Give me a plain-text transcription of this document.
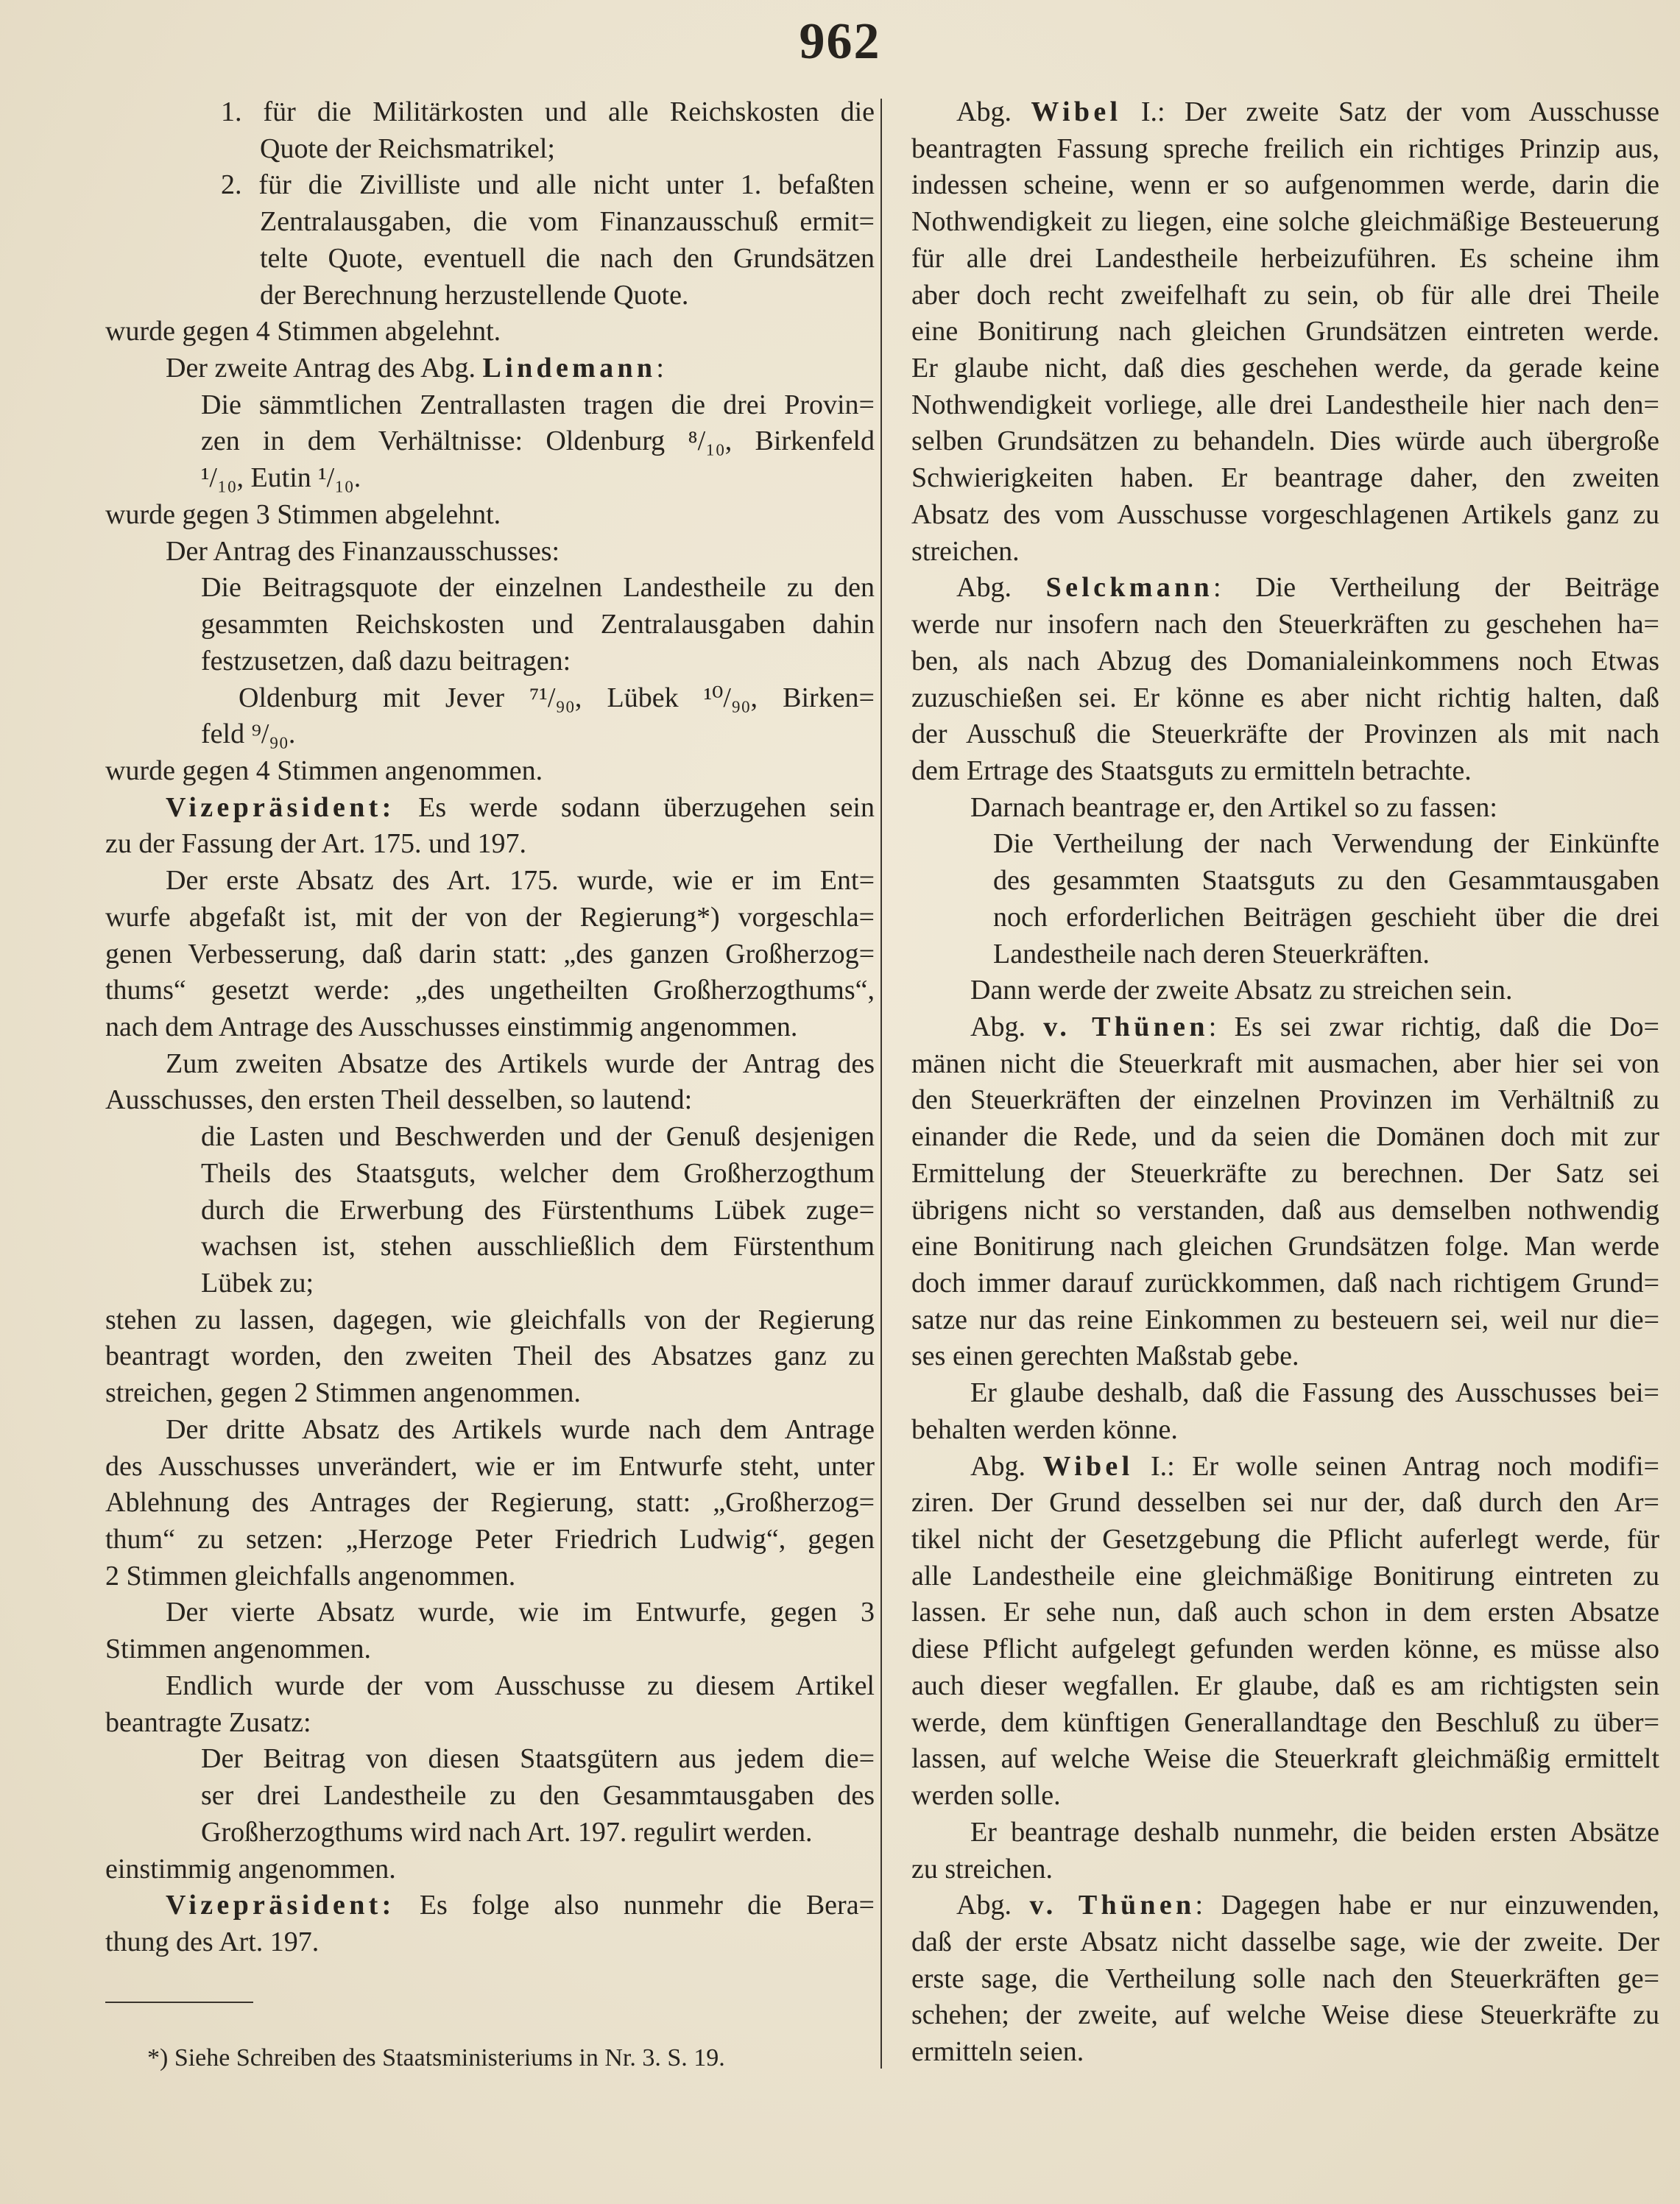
962
1. für die Militärkosten und alle Reichskosten die
Quote der Reichsmatrikel;
2. für die Zivilliste und alle nicht unter 1. befaßten
Zentralausgaben, die vom Finanzausschuß ermit=
telte Quote, eventuell die nach den Grundsätzen
der Berechnung herzustellende Quote.
wurde gegen 4 Stimmen abgelehnt.
Der zweite Antrag des Abg. Lindemann:
Die sämmtlichen Zentrallasten tragen die drei Provin=
zen in dem Verhältnisse: Oldenburg ⁸/₁₀, Birkenfeld
¹/₁₀, Eutin ¹/₁₀.
wurde gegen 3 Stimmen abgelehnt.
Der Antrag des Finanzausschusses:
Die Beitragsquote der einzelnen Landestheile zu den
gesammten Reichskosten und Zentralausgaben dahin
festzusetzen, daß dazu beitragen:
Oldenburg mit Jever ⁷¹/₉₀, Lübek ¹⁰/₉₀, Birken=
feld ⁹/₉₀.
wurde gegen 4 Stimmen angenommen.
Vizepräsident: Es werde sodann überzugehen sein
zu der Fassung der Art. 175. und 197.
Der erste Absatz des Art. 175. wurde, wie er im Ent=
wurfe abgefaßt ist, mit der von der Regierung*) vorgeschla=
genen Verbesserung, daß darin statt: „des ganzen Großherzog=
thums“ gesetzt werde: „des ungetheilten Großherzogthums“,
nach dem Antrage des Ausschusses einstimmig angenommen.
Zum zweiten Absatze des Artikels wurde der Antrag des
Ausschusses, den ersten Theil desselben, so lautend:
die Lasten und Beschwerden und der Genuß desjenigen
Theils des Staatsguts, welcher dem Großherzogthum
durch die Erwerbung des Fürstenthums Lübek zuge=
wachsen ist, stehen ausschließlich dem Fürstenthum
Lübek zu;
stehen zu lassen, dagegen, wie gleichfalls von der Regierung
beantragt worden, den zweiten Theil des Absatzes ganz zu
streichen, gegen 2 Stimmen angenommen.
Der dritte Absatz des Artikels wurde nach dem Antrage
des Ausschusses unverändert, wie er im Entwurfe steht, unter
Ablehnung des Antrages der Regierung, statt: „Großherzog=
thum“ zu setzen: „Herzoge Peter Friedrich Ludwig“, gegen
2 Stimmen gleichfalls angenommen.
Der vierte Absatz wurde, wie im Entwurfe, gegen 3
Stimmen angenommen.
Endlich wurde der vom Ausschusse zu diesem Artikel
beantragte Zusatz:
Der Beitrag von diesen Staatsgütern aus jedem die=
ser drei Landestheile zu den Gesammtausgaben des
Großherzogthums wird nach Art. 197. regulirt werden.
einstimmig angenommen.
Vizepräsident: Es folge also nunmehr die Bera=
thung des Art. 197.
Abg. Wibel I.: Der zweite Satz der vom Ausschusse
beantragten Fassung spreche freilich ein richtiges Prinzip aus,
indessen scheine, wenn er so aufgenommen werde, darin die
Nothwendigkeit zu liegen, eine solche gleichmäßige Besteuerung
für alle drei Landestheile herbeizuführen. Es scheine ihm
aber doch recht zweifelhaft zu sein, ob für alle drei Theile
eine Bonitirung nach gleichen Grundsätzen eintreten werde.
Er glaube nicht, daß dies geschehen werde, da gerade keine
Nothwendigkeit vorliege, alle drei Landestheile hier nach den=
selben Grundsätzen zu behandeln. Dies würde auch übergroße
Schwierigkeiten haben. Er beantrage daher, den zweiten
Absatz des vom Ausschusse vorgeschlagenen Artikels ganz zu
streichen.
Abg. Selckmann: Die Vertheilung der Beiträge
werde nur insofern nach den Steuerkräften zu geschehen ha=
ben, als nach Abzug des Domanialeinkommens noch Etwas
zuzuschießen sei. Er könne es aber nicht richtig halten, daß
der Ausschuß die Steuerkräfte der Provinzen als mit nach
dem Ertrage des Staatsguts zu ermitteln betrachte.
Darnach beantrage er, den Artikel so zu fassen:
Die Vertheilung der nach Verwendung der Einkünfte
des gesammten Staatsguts zu den Gesammtausgaben
noch erforderlichen Beiträgen geschieht über die drei
Landestheile nach deren Steuerkräften.
Dann werde der zweite Absatz zu streichen sein.
Abg. v. Thünen: Es sei zwar richtig, daß die Do=
mänen nicht die Steuerkraft mit ausmachen, aber hier sei von
den Steuerkräften der einzelnen Provinzen im Verhältniß zu
einander die Rede, und da seien die Domänen doch mit zur
Ermittelung der Steuerkräfte zu berechnen. Der Satz sei
übrigens nicht so verstanden, daß aus demselben nothwendig
eine Bonitirung nach gleichen Grundsätzen folge. Man werde
doch immer darauf zurückkommen, daß nach richtigem Grund=
satze nur das reine Einkommen zu besteuern sei, weil nur die=
ses einen gerechten Maßstab gebe.
Er glaube deshalb, daß die Fassung des Ausschusses bei=
behalten werden könne.
Abg. Wibel I.: Er wolle seinen Antrag noch modifi=
ziren. Der Grund desselben sei nur der, daß durch den Ar=
tikel nicht der Gesetzgebung die Pflicht auferlegt werde, für
alle Landestheile eine gleichmäßige Bonitirung eintreten zu
lassen. Er sehe nun, daß auch schon in dem ersten Absatze
diese Pflicht aufgelegt gefunden werden könne, es müsse also
auch dieser wegfallen. Er glaube, daß es am richtigsten sein
werde, dem künftigen Generallandtage den Beschluß zu über=
lassen, auf welche Weise die Steuerkraft gleichmäßig ermittelt
werden solle.
Er beantrage deshalb nunmehr, die beiden ersten Absätze
zu streichen.
Abg. v. Thünen: Dagegen habe er nur einzuwenden,
daß der erste Absatz nicht dasselbe sage, wie der zweite. Der
erste sage, die Vertheilung solle nach den Steuerkräften ge=
schehen; der zweite, auf welche Weise diese Steuerkräfte zu
ermitteln seien.
*) Siehe Schreiben des Staatsministeriums in Nr. 3. S. 19.
